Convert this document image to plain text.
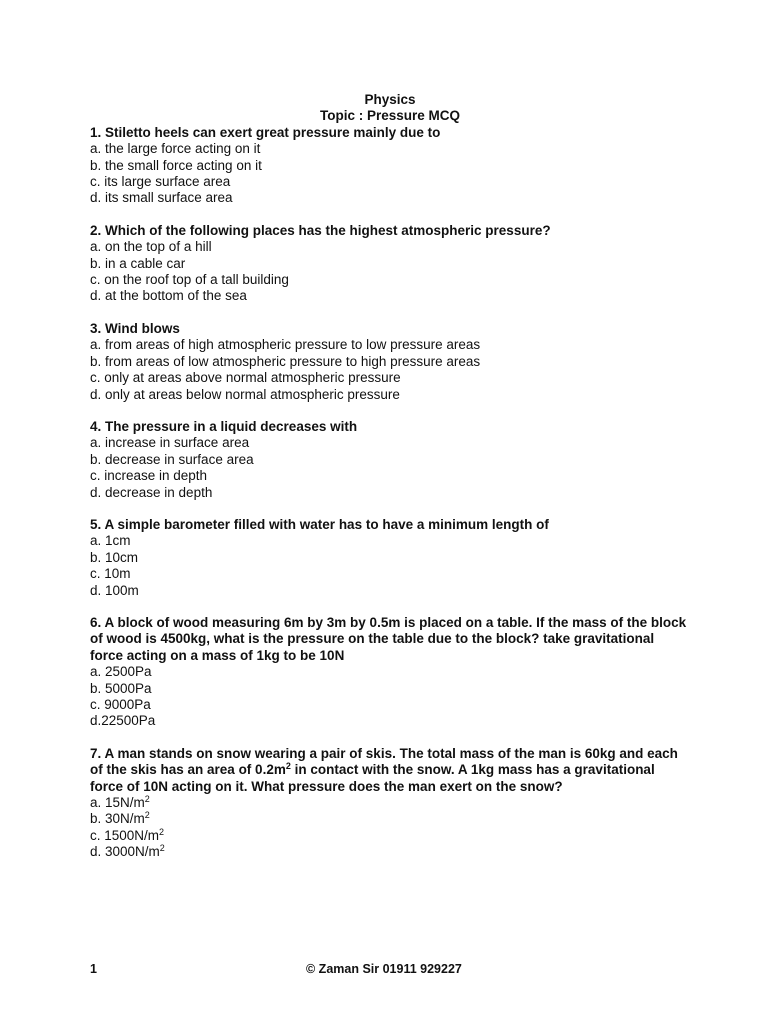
Physics
Topic : Pressure MCQ
1. Stiletto heels can exert great pressure mainly due to
a. the large force acting on it
b. the small force acting on it
c. its large surface area
d. its small surface area
2. Which of the following places has the highest atmospheric pressure?
a. on the top of a hill
b. in a cable car
c. on the roof top of a tall building
d. at the bottom of the sea
3. Wind blows
a. from areas of high atmospheric pressure to low pressure areas
b. from areas of low atmospheric pressure to high pressure areas
c. only at areas above normal atmospheric pressure
d. only at areas below normal atmospheric pressure
4. The pressure in a liquid decreases with
a. increase in surface area
b. decrease in surface area
c. increase in depth
d. decrease in depth
5. A simple barometer filled with water has to have a minimum length of
a. 1cm
b. 10cm
c. 10m
d. 100m
6. A block of wood measuring 6m by 3m by 0.5m is placed on a table. If the mass of the block of wood is 4500kg, what is the pressure on the table due to the block? take gravitational force acting on a mass of 1kg to be 10N
a. 2500Pa
b. 5000Pa
c. 9000Pa
d.22500Pa
7. A man stands on snow wearing a pair of skis. The total mass of the man is 60kg and each of the skis has an area of $0.2m^2$ in contact with the snow. A 1kg mass has a gravitational force of 10N acting on it. What pressure does the man exert on the snow?
a. $15N/m^2$
b. $30N/m^2$
c. $1500N/m^2$
d. $3000N/m^2$
1	© Zaman Sir 01911 929227
